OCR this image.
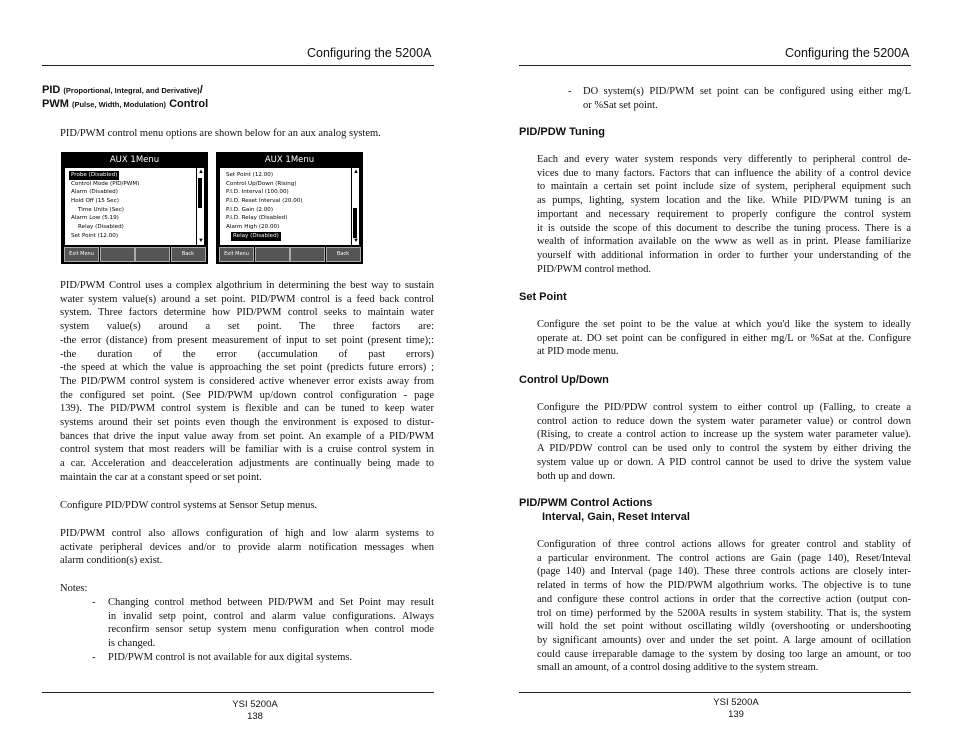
Configuring the 5200A
PID (Proportional, Integral, and Derivative)/
PWM (Pulse, Width, Modulation) Control

PID/PWM control menu options are shown below for an aux analog system.

AUX 1Menu
Probe (Disabled)
Control Mode (PID/PWM)
Alarm (Disabled)
Hold Off (15 Sec)
Time Units (Sec)
Alarm Low (5.19)
Relay (Disabled)
Set Point (12.00)
▲
▼
Exit Menu	Back
AUX 1Menu
Set Point (12.00)
Control Up/Down (Rising)
P.I.D. Interval (100.00)
P.I.D. Reset Interval (20.00)
P.I.D. Gain (2.00)
P.I.D. Relay (Disabled)
Alarm High (20.00)
Relay (Disabled)
▲
▼
Exit Menu	Back
PID/PWM Control uses a complex algothrium in determining the best way to sustain
water system value(s) around a set point. PID/PWM control is a feed back control
system. Three factors determine how PID/PWM control seeks to maintain water
system value(s) around a set point. The three factors are:
-the error (distance) from present measurement of input to set point (present time);:
-the duration of the error (accumulation of past errors)
-the speed at which the value is approaching the set point (predicts future errors) ;
The PID/PWM control system is considered active whenever error exists away from
the configured set point. (See PID/PWM up/down control configuration - page
139). The PID/PWM control system is flexible and can be tuned to keep water
systems around their set points even though the environment is exposed to distur-
bances that drive the input value away from set point. An example of a PID/PWM
control system that most readers will be familiar with is a cruise control system in
a car. Acceleration and deacceleration adjustments are continually being made to
maintain the car at a constant speed or set point.

Configure PID/PDW control systems at Sensor Setup menus.

PID/PWM control also allows configuration of high and low alarm systems to
activate peripheral devices and/or to provide alarm notification messages when
alarm condition(s) exist.

Notes:

- Changing control method between PID/PWM and Set Point may result
in invalid setp point, control and alarm value configurations. Always
reconfirm sensor setup system menu configuration when control mode
is changed.
- PID/PWM control is not available for aux digital systems.

YSI 5200A
138
Configuring the 5200A
- DO system(s) PID/PWM set point can be configured using either mg/L
or %Sat set point.
PID/PDW Tuning
Each and every water system responds very differently to peripheral control de-
vices due to many factors. Factors that can influence the ability of a control device
to maintain a certain set point include size of system, peripheral equipment such
as pumps, lighting, system location and the like. While PID/PWM tuning is an
important and necessary requirement to properly configure the control system
it is outside the scope of this document to describe the tuning process. There is a
wealth of information available on the www as well as in print. Please familiarize
yourself with additional information in order to further your understanding of the
PID/PWM control method.
Set Point
Configure the set point to be the value at which you'd like the system to ideally
operate at. DO set point can be configured in either mg/L or %Sat at the. Configure
at PID mode menu.
Control Up/Down
Configure the PID/PDW control system to either control up (Falling, to create a
control action to reduce down the system water parameter value) or control down
(Rising, to create a control action to increase up the system water parameter value).
A PID/PDW control can be used only to control the system by either driving the
system value up or down. A PID control cannot be used to drive the system value
both up and down.
PID/PWM Control Actions
Interval, Gain, Reset Interval
Configuration of three control actions allows for greater control and stablity of
a particular environment. The control actions are Gain (page 140), Reset/Inteval
(page 140) and Interval (page 140). These three controls actions are closely inter-
related in terms of how the PID/PWM algothrium works. The objective is to tune
and configure these control actions in order that the corrective action (output con-
trol on time) performed by the 5200A results in system stability. That is, the system
will hold the set point without oscillating wildly (overshooting or undershooting
by significant amounts) over and under the set point. A large amount of ocillation
could cause irreparable damage to the system by dosing too large an amount, or too
small an amount, of a control dosing additive to the system stream.
YSI 5200A
139
